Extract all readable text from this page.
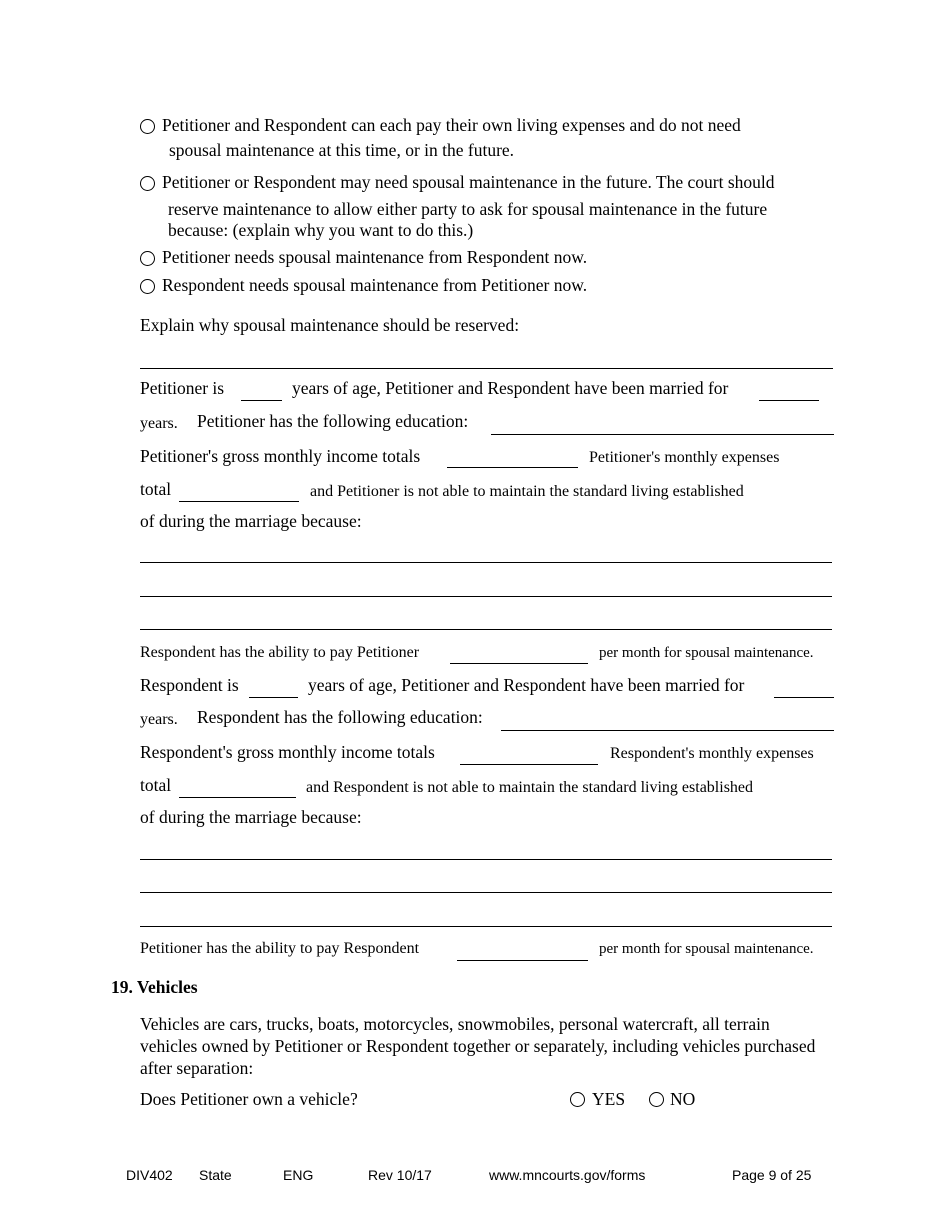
Petitioner and Respondent can each pay their own living expenses and do not need
spousal maintenance at this time, or in the future.
Petitioner or Respondent may need spousal maintenance in the future. The court should
reserve maintenance to allow either party to ask for spousal maintenance in the future
because: (explain why you want to do this.)
Petitioner needs spousal maintenance from Respondent now.
Respondent needs spousal maintenance from Petitioner now.
Explain why spousal maintenance should be reserved:
Petitioner is	years of age, Petitioner and Respondent have been married for
years. Petitioner has the following education:
Petitioner's gross monthly income totals	Petitioner's monthly expenses
total	and Petitioner is not able to maintain the standard living established
of during the marriage because:
Respondent has the ability to pay Petitioner	per month for spousal maintenance.
Respondent is	years of age, Petitioner and Respondent have been married for
years. Respondent has the following education:
Respondent's gross monthly income totals	Respondent's monthly expenses
total	and Respondent is not able to maintain the standard living established
of during the marriage because:
Petitioner has the ability to pay Respondent	per month for spousal maintenance.
19. Vehicles
Vehicles are cars, trucks, boats, motorcycles, snowmobiles, personal watercraft, all terrain
vehicles owned by Petitioner or Respondent together or separately, including vehicles purchased
after separation:
Does Petitioner own a vehicle?	YES	NO
DIV402 State	ENG	Rev 10/17	www.mncourts.gov/forms	Page 9 of 25
